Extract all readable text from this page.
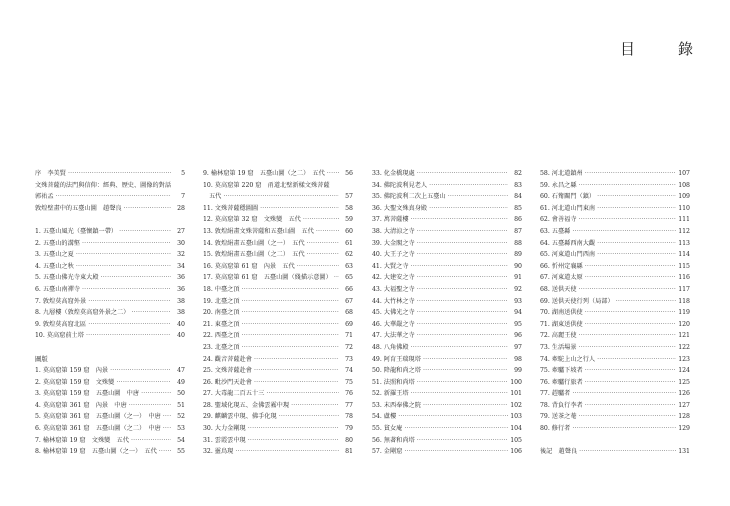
目　錄
序　李美賢 ·····	5
文殊菩薩的法門與信仰：經典、歷史、圖像的對話
郭祐孟 ·····	7
敦煌壁畫中的五臺山圖　趙聲良 ·····	28
1. 五臺山風光（臺懷鎮一帶） ·····	27
2. 五臺山的溝壑 ·····	30
3. 五臺山之夏 ·····	32
4. 五臺山之秋 ·····	34
5. 五臺山佛光寺東大殿 ·····	36
6. 五臺山南禪寺 ·····	36
7. 敦煌莫高窟外景 ·····	38
8. 九層樓（敦煌莫高窟外景之二） ·····	38
9. 敦煌莫高窟北區 ·····	40
10. 莫高窟前土塔 ·····	40
圖版
1. 莫高窟第 159 窟　內景 ·····	47
2. 莫高窟第 159 窟　文殊變 ·····	49
3. 莫高窟第 159 窟　五臺山圖　中唐 ·····	50
4. 莫高窟第 361 窟　內景　中唐 ·····	51
5. 莫高窟第 361 窟　五臺山圖（之一）　中唐 ·····	52
6. 莫高窟第 361 窟　五臺山圖（之二）　中唐 ·····	53
7. 榆林窟第 19 窟　文殊變　五代 ·····	54
8. 榆林窟第 19 窟　五臺山圖（之一）　五代 ·····	55
9. 榆林窟第 19 窟　五臺山圖（之二）　五代 ·····	56
10. 莫高窟第 220 窟　甬道北壁新樣文殊菩薩
五代 ·····	57
11. 文殊菩薩穩圖圖 ·····	58
12. 莫高窟第 32 窟　文殊變　五代 ·····	59
13. 敦煌絹畫文殊菩薩和五臺山圖　五代 ·····	60
14. 敦煌絹畫五臺山圖（之一）　五代 ·····	61
15. 敦煌絹畫五臺山圖（之二）　五代 ·····	62
16. 莫高窟第 61 窟　內景　五代 ·····	63
17. 莫高窟第 61 窟　五臺山圖（綫描示意圖） ·····	65
18. 中臺之頂 ·····	66
19. 北臺之頂 ·····	67
20. 南臺之頂 ·····	68
21. 東臺之頂 ·····	69
22. 西臺之頂 ·····	71
23. 北臺之頂 ·····	72
24. 觀音菩薩赴會 ·····	73
25. 文殊菩薩赴會 ·····	74
26. 毗沙門天赴會 ·····	75
27. 大毒龍二百五十三 ·····	76
28. 聖域化現五、金佛雲霧中現 ·····	77
29. 麒麟雲中現、佛手化現 ·····	78
30. 大力金剛現 ·····	79
31. 雲霞雲中現 ·····	80
32. 靈鳥現 ·····	81
33. 化金橋現處 ·····	82
34. 佛陀波利見老人 ·····	83
35. 佛陀波利二次上五臺山 ·····	84
36. 大聖文殊真身殿 ·····	85
37. 萬菩薩樓 ·····	86
38. 大清涼之寺 ·····	87
39. 大金閣之寺 ·····	88
40. 大王子之寺 ·····	89
41. 大賢之寺 ·····	90
42. 大建安之寺 ·····	91
43. 大福聖之寺 ·····	92
44. 大竹林之寺 ·····	93
45. 大佛光之寺 ·····	94
46. 大華嚴之寺 ·····	95
47. 大法華之寺 ·····	96
48. 八角佛殿 ·····	97
49. 阿育王瑞現塔 ·····	98
50. 降龍和尚之塔 ·····	99
51. 法照和尚塔 ·····	100
52. 新羅王塔 ·····	101
53. 末西奉佛之院 ·····	102
54. 盧樓 ·····	103
55. 貧女庵 ·····	104
56. 無著和尚塔 ·····	105
57. 金剛窟 ·····	106
58. 河北道鎮州 ·····	107
59. 永昌之縣 ·····	108
60. 石觜關門（鎮） ·····	109
61. 河北道山門東南 ·····	110
62. 會善福寺 ·····	111
63. 五臺縣 ·····	112
64. 五臺縣西南大觀 ·····	113
65. 河東道山門西南 ·····	114
66. 忻州定襄縣 ·····	115
67. 河東道太原 ·····	116
68. 送供天使 ·····	117
69. 送供天使行列（局部） ·····	118
70. 湖南送供使 ·····	119
71. 湖東送供使 ·····	120
72. 高麗王使 ·····	121
73. 生活場景 ·····	122
74. 牽駝上山之行人 ·····	123
75. 牽驢下坡者 ·····	124
76. 牽驢行旅者 ·····	125
77. 趕驢者 ·····	126
78. 背負行李者 ·····	127
79. 送茶之菴 ·····	128
80. 修行者 ·····	129
後記　趙聲良 ·····	131
